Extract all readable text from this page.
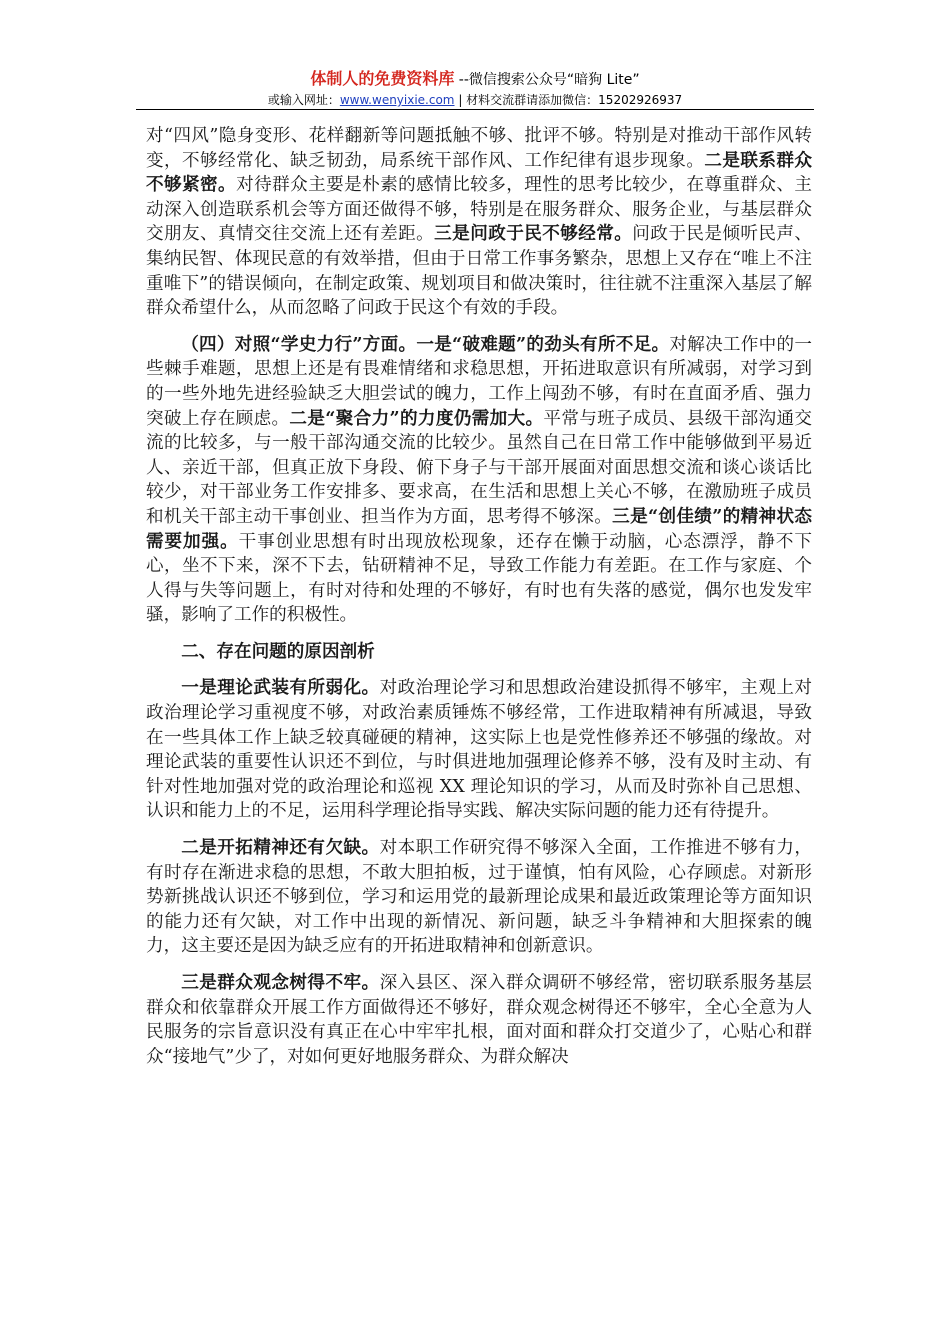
体制人的免费资料库 --微信搜索公众号“暗狗 Lite”
或输入网址：www.wenyixie.com | 材料交流群请添加微信：15202926937

对“四风”隐身变形、花样翻新等问题抵触不够、批评不够。特别是对推动干部作风转变，不够经常化、缺乏韧劲，局系统干部作风、工作纪律有退步现象。二是联系群众不够紧密。对待群众主要是朴素的感情比较多，理性的思考比较少，在尊重群众、主动深入创造联系机会等方面还做得不够，特别是在服务群众、服务企业，与基层群众交朋友、真情交往交流上还有差距。三是问政于民不够经常。问政于民是倾听民声、集纳民智、体现民意的有效举措，但由于日常工作事务繁杂，思想上又存在“唯上不注重唯下”的错误倾向，在制定政策、规划项目和做决策时，往往就不注重深入基层了解群众希望什么，从而忽略了问政于民这个有效的手段。

（四）对照“学史力行”方面。一是“破难题”的劲头有所不足。对解决工作中的一些棘手难题，思想上还是有畏难情绪和求稳思想，开拓进取意识有所减弱，对学习到的一些外地先进经验缺乏大胆尝试的魄力，工作上闯劲不够，有时在直面矛盾、强力突破上存在顾虑。二是“聚合力”的力度仍需加大。平常与班子成员、县级干部沟通交流的比较多，与一般干部沟通交流的比较少。虽然自己在日常工作中能够做到平易近人、亲近干部，但真正放下身段、俯下身子与干部开展面对面思想交流和谈心谈话比较少，对干部业务工作安排多、要求高，在生活和思想上关心不够，在激励班子成员和机关干部主动干事创业、担当作为方面，思考得不够深。三是“创佳绩”的精神状态需要加强。干事创业思想有时出现放松现象，还存在懒于动脑，心态漂浮，静不下心，坐不下来，深不下去，钻研精神不足，导致工作能力有差距。在工作与家庭、个人得与失等问题上，有时对待和处理的不够好，有时也有失落的感觉，偶尔也发发牢骚，影响了工作的积极性。

二、存在问题的原因剖析

一是理论武装有所弱化。对政治理论学习和思想政治建设抓得不够牢，主观上对政治理论学习重视度不够，对政治素质锤炼不够经常，工作进取精神有所减退，导致在一些具体工作上缺乏较真碰硬的精神，这实际上也是党性修养还不够强的缘故。对理论武装的重要性认识还不到位，与时俱进地加强理论修养不够，没有及时主动、有针对性地加强对党的政治理论和巡视 XX 理论知识的学习，从而及时弥补自己思想、认识和能力上的不足，运用科学理论指导实践、解决实际问题的能力还有待提升。

二是开拓精神还有欠缺。对本职工作研究得不够深入全面，工作推进不够有力，有时存在渐进求稳的思想，不敢大胆拍板，过于谨慎，怕有风险，心存顾虑。对新形势新挑战认识还不够到位，学习和运用党的最新理论成果和最近政策理论等方面知识的能力还有欠缺，对工作中出现的新情况、新问题，缺乏斗争精神和大胆探索的魄力，这主要还是因为缺乏应有的开拓进取精神和创新意识。

三是群众观念树得不牢。深入县区、深入群众调研不够经常，密切联系服务基层群众和依靠群众开展工作方面做得还不够好，群众观念树得还不够牢，全心全意为人民服务的宗旨意识没有真正在心中牢牢扎根，面对面和群众打交道少了，心贴心和群众“接地气”少了，对如何更好地服务群众、为群众解决
